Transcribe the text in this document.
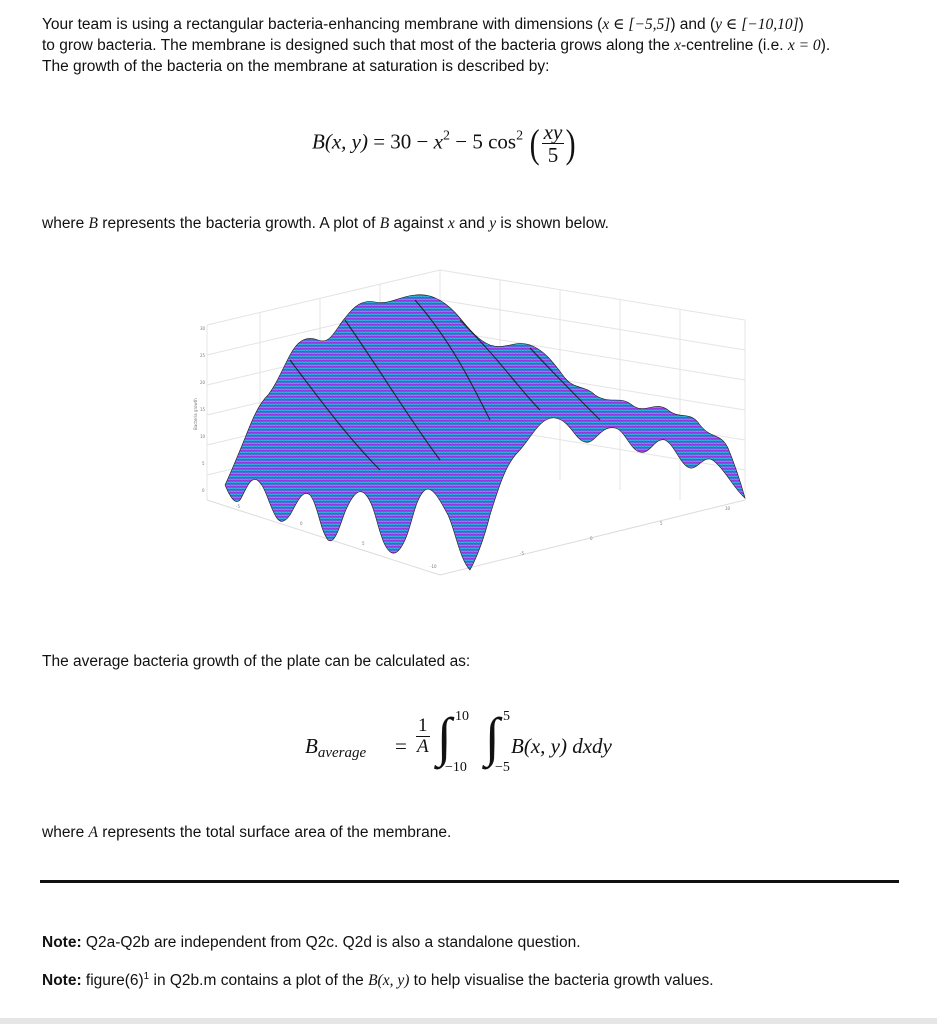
Your team is using a rectangular bacteria-enhancing membrane with dimensions (x ∈ [−5,5]) and (y ∈ [−10,10])
to grow bacteria. The membrane is designed such that most of the bacteria grows along the x-centreline (i.e. x = 0).
The growth of the bacteria on the membrane at saturation is described by:

B(x, $y) = 30 - x^2 - 5$ $\cos^2$ ( $\frac{xy}{5}$ )

where B represents the bacteria growth. A plot of B against x and y is shown below.

30
25
20
15
10
5
0
Bacteria growth
-5
0
5
-10
-5
0
5
10

The average bacteria growth of the plate can be calculated as:

$B_{average} = \frac{1}{A}$ ∫ 10
−10
∫ 5
−5
B(x, y) dxdy

where A represents the total surface area of the membrane.

Note: Q2a-Q2b are independent from Q2c. Q2d is also a standalone question.

Note: $figure(6)^1$ in Q2b.m contains a plot of the B(x, y) to help visualise the bacteria growth values.
